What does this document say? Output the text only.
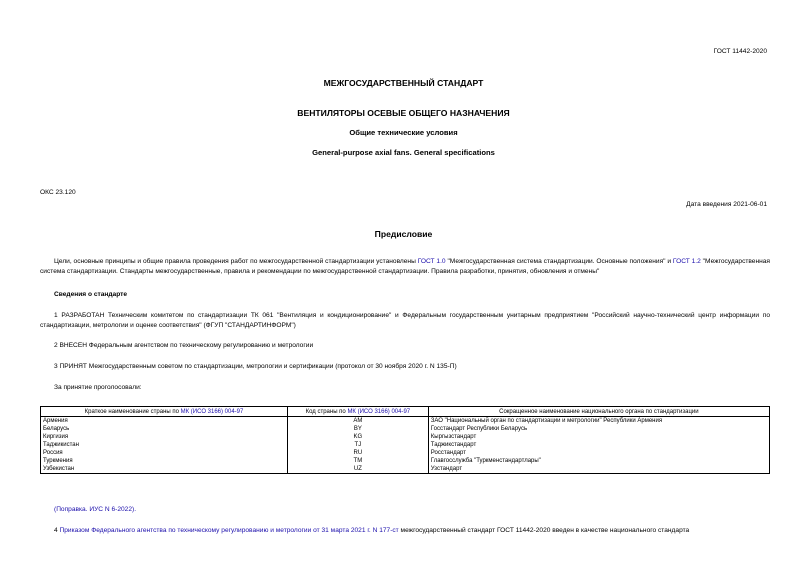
ГОСТ 11442-2020
МЕЖГОСУДАРСТВЕННЫЙ СТАНДАРТ
ВЕНТИЛЯТОРЫ ОСЕВЫЕ ОБЩЕГО НАЗНАЧЕНИЯ
Общие технические условия
General-purpose axial fans. General specifications
ОКС 23.120
Дата введения 2021-06-01
Предисловие
Цели, основные принципы и общие правила проведения работ по межгосударственной стандартизации установлены ГОСТ 1.0 "Межгосударственная система стандартизации. Основные положения" и ГОСТ 1.2 "Межгосударственная система стандартизации. Стандарты межгосударственные, правила и рекомендации по межгосударственной стандартизации. Правила разработки, принятия, обновления и отмены"
Сведения о стандарте
1 РАЗРАБОТАН Техническим комитетом по стандартизации ТК 061 "Вентиляция и кондиционирование" и Федеральным государственным унитарным предприятием "Российский научно-технический центр информации по стандартизации, метрологии и оценке соответствия" (ФГУП "СТАНДАРТИНФОРМ")
2 ВНЕСЕН Федеральным агентством по техническому регулированию и метрологии
3 ПРИНЯТ Межгосударственным советом по стандартизации, метрологии и сертификации (протокол от 30 ноября 2020 г. N 135-П)
За принятие проголосовали:
Краткое наименование страны по МК (ИСО 3166) 004-97	Код страны по МК (ИСО 3166) 004-97	Сокращенное наименование национального органа по стандартизации
Армения	AM	ЗАО "Национальный орган по стандартизации и метрологии" Республики Армения
Беларусь	BY	Госстандарт Республики Беларусь
Киргизия	KG	Кыргызстандарт
Таджикистан	TJ	Таджикстандарт
Россия	RU	Росстандарт
Туркмения	TM	Главгосслужба "Туркменстандартлары"
Узбекистан	UZ	Узстандарт
(Поправка. ИУС N 6-2022).
4 Приказом Федерального агентства по техническому регулированию и метрологии от 31 марта 2021 г. N 177-ст межгосударственный стандарт ГОСТ 11442-2020 введен в качестве национального стандарта
